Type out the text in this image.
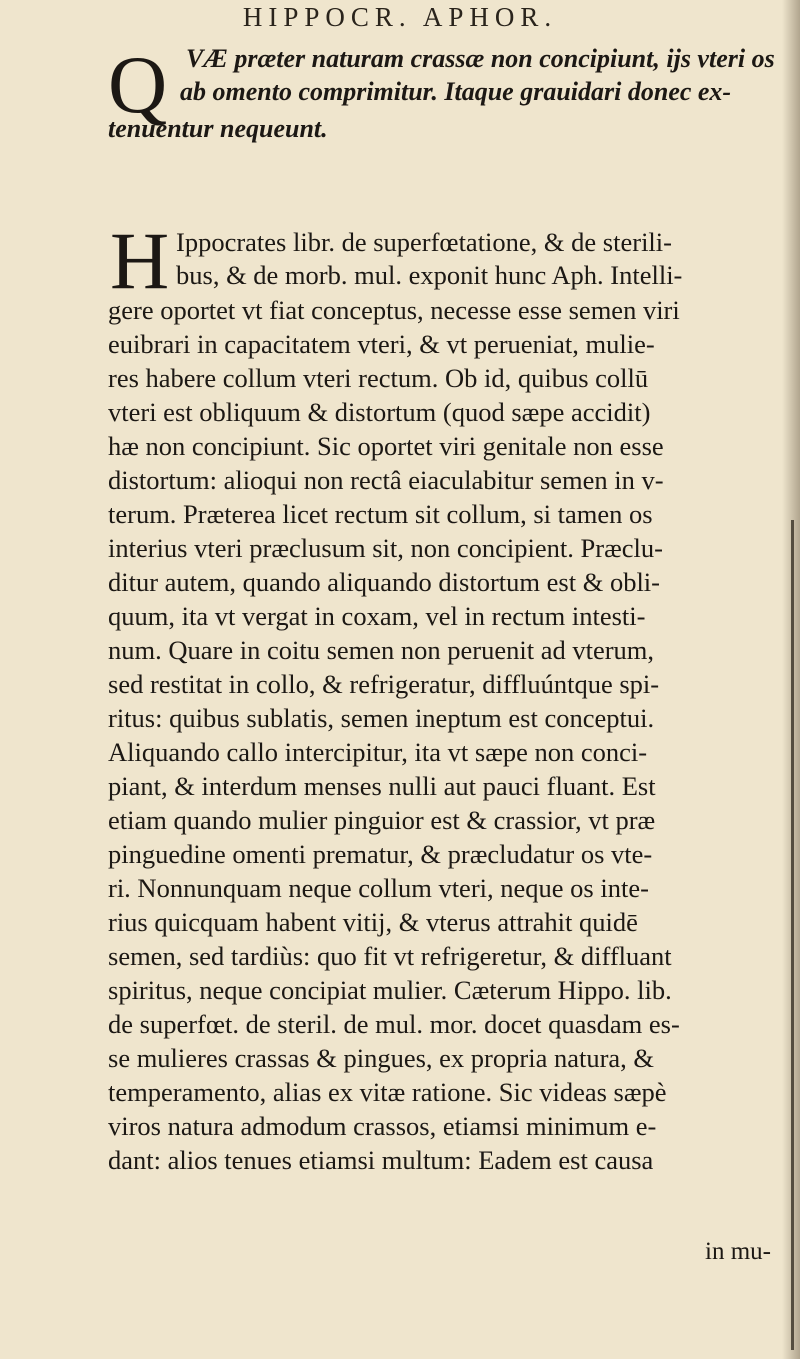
HIPPOCR. APHOR.
Q VÆ præter naturam crassæ non concipiunt, ijs vteri os
ab omento comprimitur. Itaque grauidari donec ex-
tenuentur nequeunt.
H Ippocrates libr. de superfœtatione, & de sterili-
bus, & de morb. mul. exponit hunc Aph. Intelli-
gere oportet vt fiat conceptus, necesse esse semen viri
euibrari in capacitatem vteri, & vt perueniat, mulie-
res habere collum vteri rectum. Ob id, quibus collū
vteri est obliquum & distortum (quod sæpe accidit)
hæ non concipiunt. Sic oportet viri genitale non esse
distortum: alioqui non rectâ eiaculabitur semen in v-
terum. Præterea licet rectum sit collum, si tamen os
interius vteri præclusum sit, non concipient. Præclu-
ditur autem, quando aliquando distortum est & obli-
quum, ita vt vergat in coxam, vel in rectum intesti-
num. Quare in coitu semen non peruenit ad vterum,
sed restitat in collo, & refrigeratur, diffluúntque spi-
ritus: quibus sublatis, semen ineptum est conceptui.
Aliquando callo intercipitur, ita vt sæpe non conci-
piant, & interdum menses nulli aut pauci fluant. Est
etiam quando mulier pinguior est & crassior, vt præ
pinguedine omenti prematur, & præcludatur os vte-
ri. Nonnunquam neque collum vteri, neque os inte-
rius quicquam habent vitij, & vterus attrahit quidē
semen, sed tardiùs: quo fit vt refrigeretur, & diffluant
spiritus, neque concipiat mulier. Cæterum Hippo. lib.
de superfœt. de steril. de mul. mor. docet quasdam es-
se mulieres crassas & pingues, ex propria natura, &
temperamento, alias ex vitæ ratione. Sic videas sæpè
viros natura admodum crassos, etiamsi minimum e-
dant: alios tenues etiamsi multum: Eadem est causa
in mu-
